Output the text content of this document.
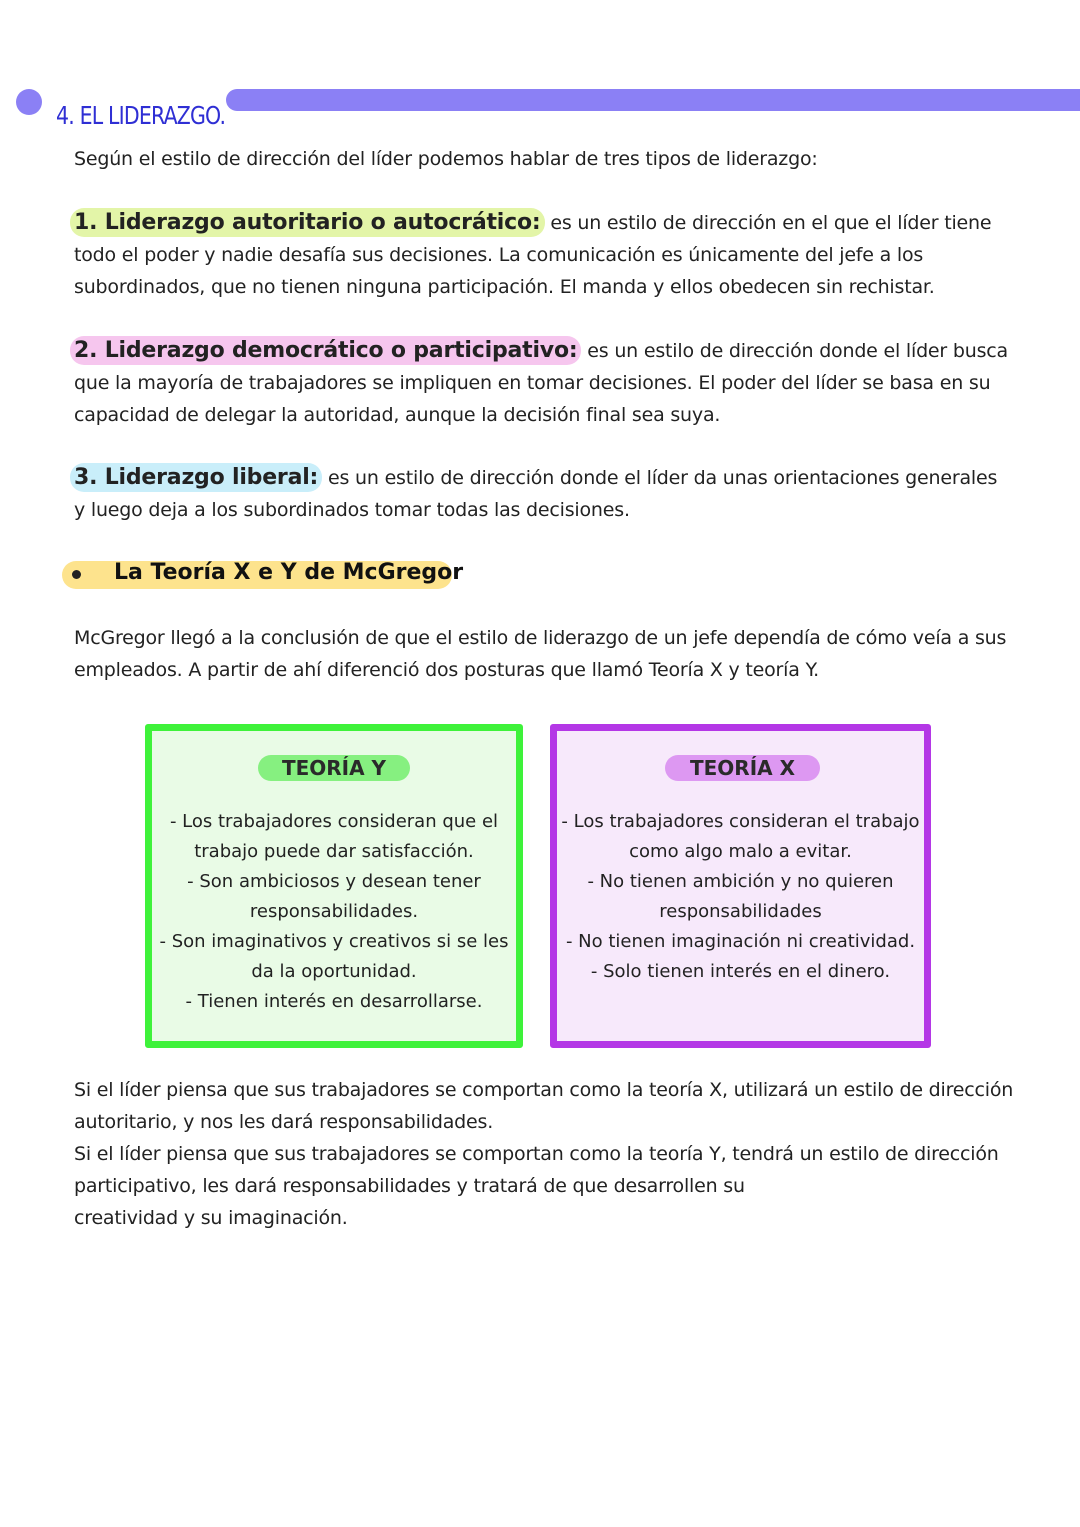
4. EL LIDERAZGO.

Según el estilo de dirección del líder podemos hablar de tres tipos de liderazgo:

1. Liderazgo autoritario o autocrático: es un estilo de dirección en el que el líder tiene todo el poder y nadie desafía sus decisiones. La comunicación es únicamente del jefe a los subordinados, que no tienen ninguna participación. El manda y ellos obedecen sin rechistar.

2. Liderazgo democrático o participativo: es un estilo de dirección donde el líder busca que la mayoría de trabajadores se impliquen en tomar decisiones. El poder del líder se basa en su capacidad de delegar la autoridad, aunque la decisión final sea suya.

3. Liderazgo liberal: es un estilo de dirección donde el líder da unas orientaciones generales y luego deja a los subordinados tomar todas las decisiones.

La Teoría X e Y de McGregor

McGregor llegó a la conclusión de que el estilo de liderazgo de un jefe dependía de cómo veía a sus empleados. A partir de ahí diferenció dos posturas que llamó Teoría X y teoría Y.

TEORÍA Y
- Los trabajadores consideran que el
trabajo puede dar satisfacción.
- Son ambiciosos y desean tener
responsabilidades.
- Son imaginativos y creativos si se les
da la oportunidad.
- Tienen interés en desarrollarse.
TEORÍA X
- Los trabajadores consideran el trabajo
como algo malo a evitar.
- No tienen ambición y no quieren
responsabilidades
- No tienen imaginación ni creatividad.
- Solo tienen interés en el dinero.
Si el líder piensa que sus trabajadores se comportan como la teoría X, utilizará un estilo de dirección
autoritario, y nos les dará responsabilidades.
Si el líder piensa que sus trabajadores se comportan como la teoría Y, tendrá un estilo de dirección
participativo, les dará responsabilidades y tratará de que desarrollen su
creatividad y su imaginación.
